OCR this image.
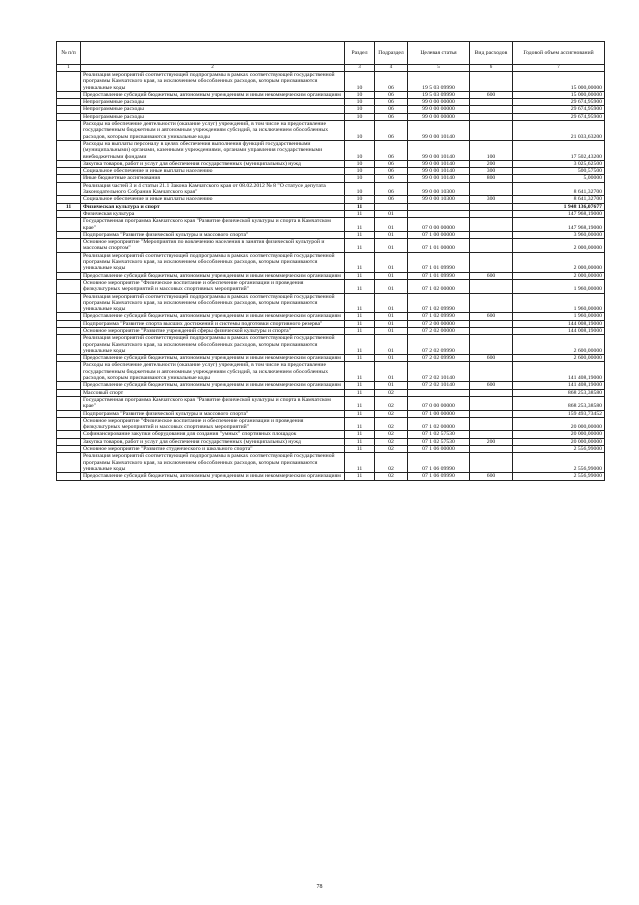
№ п/п		Раздел	Подраздел	Целевая статья	Вид расходов	Годовой объем ассигнований
1	2	3	4	5	6	7
	Реализация мероприятий соответствующей подпрограммы в рамках соответствующей государственной программы Камчатского края, за исключением обособленных расходов, которым присваиваются уникальные коды	10	06	19 5 03 09990		15 000,00000
	Предоставление субсидий бюджетным, автономным учреждениям и иным некоммерческим организациям	10	06	19 5 03 09990	600	15 000,00000
	Непрограммные расходы	10	06	99 0 00 00000		29 674,95900
	Непрограммные расходы	10	06	99 0 00 00000		29 674,95900
	Непрограммные расходы	10	06	99 0 00 00000		29 674,95900
	Расходы на обеспечение деятельности (оказание услуг) учреждений, в том числе на предоставление государственным бюджетным и автономным учреждениям субсидий, за исключением обособленных расходов, которым присваиваются уникальные коды	10	06	99 0 00 10140		21 033,63200
	Расходы на выплаты персоналу в целях обеспечения выполнения функций государственными (муниципальными) органами, казенными учреждениями, органами управления государственными внебюджетными фондами	10	06	99 0 00 10140	100	17 502,43200
	Закупка товаров, работ и услуг для обеспечения государственных (муниципальных) нужд	10	06	99 0 00 10140	200	3 025,62500
	Социальное обеспечение и иные выплаты населению	10	06	99 0 00 10140	300	500,57500
	Иные бюджетные ассигнования	10	06	99 0 00 10140	800	5,00000
	Реализация частей 3 и 4 статьи 21.1 Закона Камчатского края от 08.02.2012 № 8 "О статусе депутата Законодательного Собрания Камчатского края"	10	06	99 0 00 10300		8 641,32700
	Социальное обеспечение и иные выплаты населению	10	06	99 0 00 10300	300	8 641,32700
11	Физическая культура и спорт	11				1 948 136,07677
	Физическая культура	11	01			147 968,19000
	Государственная программа Камчатского края "Развитие физической культуры и спорта в Камчатском крае"	11	01	07 0 00 00000		147 968,19000
	Подпрограмма "Развитие физической культуры и массового спорта"	11	01	07 1 00 00000		3 960,00000
	Основное мероприятие "Мероприятия по вовлечению населения в занятия физической культурой и массовым спортом"	11	01	07 1 01 00000		2 000,00000
	Реализация мероприятий соответствующей подпрограммы в рамках соответствующей государственной программы Камчатского края, за исключением обособленных расходов, которым присваиваются уникальные коды	11	01	07 1 01 09990		2 000,00000
	Предоставление субсидий бюджетным, автономным учреждениям и иным некоммерческим организациям	11	01	07 1 01 09990	600	2 000,00000
	Основное мероприятие "Физическое воспитание и обеспечение организации и проведения физкультурных мероприятий и массовых спортивных мероприятий"	11	01	07 1 02 00000		1 960,00000
	Реализация мероприятий соответствующей подпрограммы в рамках соответствующей государственной программы Камчатского края, за исключением обособленных расходов, которым присваиваются уникальные коды	11	01	07 1 02 09990		1 960,00000
	Предоставление субсидий бюджетным, автономным учреждениям и иным некоммерческим организациям	11	01	07 1 02 09990	600	1 960,00000
	Подпрограмма "Развитие спорта высших достижений и системы подготовки спортивного резерва"	11	01	07 2 00 00000		144 008,19000
	Основное мероприятие "Развитие учреждений сферы физической культуры и спорта"	11	01	07 2 02 00000		144 008,19000
	Реализация мероприятий соответствующей подпрограммы в рамках соответствующей государственной программы Камчатского края, за исключением обособленных расходов, которым присваиваются уникальные коды	11	01	07 2 02 09990		2 600,00000
	Предоставление субсидий бюджетным, автономным учреждениям и иным некоммерческим организациям	11	01	07 2 02 09990	600	2 600,00000
	Расходы на обеспечение деятельности (оказание услуг) учреждений, в том числе на предоставление государственным бюджетным и автономным учреждениям субсидий, за исключением обособленных расходов, которым присваиваются уникальные коды	11	01	07 2 02 10140		141 408,19000
	Предоставление субсидий бюджетным, автономным учреждениям и иным некоммерческим организациям	11	01	07 2 02 10140	600	141 408,19000
	Массовый спорт	11	02			868 253,38580
	Государственная программа Камчатского края "Развитие физической культуры и спорта в Камчатском крае"	11	02	07 0 00 00000		868 253,38580
	Подпрограмма "Развитие физической культуры и массового спорта"	11	02	07 1 00 00000		159 493,73452
	Основное мероприятие "Физическое воспитание и обеспечение организации и проведения физкультурных мероприятий и массовых спортивных мероприятий"	11	02	07 1 02 00000		20 000,00000
	Софинансирование закупки оборудования для создания "умных" спортивных площадок	11	02	07 1 02 57530		20 000,00000
	Закупка товаров, работ и услуг для обеспечения государственных (муниципальных) нужд	11	02	07 1 02 57530	200	20 000,00000
	Основное мероприятие "Развитие студенческого и школьного спорта"	11	02	07 1 06 00000		2 556,99000
	Реализация мероприятий соответствующей подпрограммы в рамках соответствующей государственной программы Камчатского края, за исключением обособленных расходов, которым присваиваются уникальные коды	11	02	07 1 06 09990		2 556,99000
	Предоставление субсидий бюджетным, автономным учреждениям и иным некоммерческим организациям	11	02	07 1 06 09990	600	2 556,99000
78
